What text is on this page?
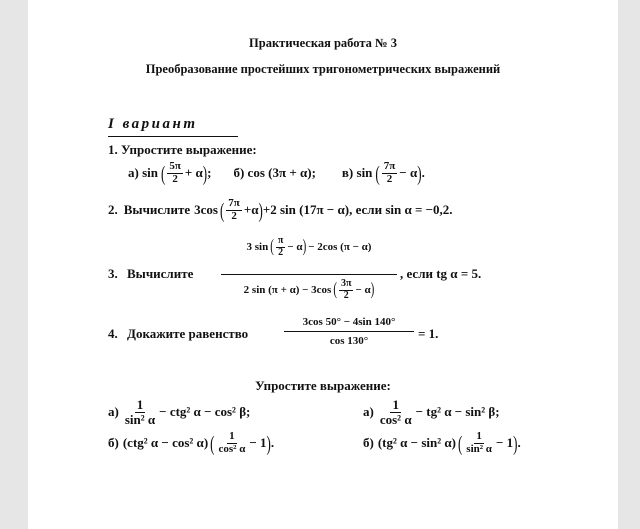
Практическая работа № 3
Преобразование простейших тригонометрических выражений
I вариант
1. Упростите выражение:
а) sin ( $\frac{5\pi}{2} + \alpha$ ) ; б) cos (3π + α); в) sin ( $\frac{7\pi}{2} - \alpha$ ) .
2. Вычислите 3cos ( $\frac{7\pi}{2} +\alpha$ ) +2 sin (17π − α), если sin α = −0,2.
3. Вычислите
3 sin ( $\frac{\pi}{2} - \alpha$ ) − 2cos (π − α)
2 sin (π + α) − 3cos ( $\frac{3\pi}{2} - \alpha$ )
, если tg α = 5.
4. Докажите равенство
3cos 50° − 4sin 140°
cos 130°	= 1.
Упростите выражение:
$а) \frac{1}{\text{sin² α}} - ctg^2$ α − cos² β;
б) (ctg² α − cos² α) ( $\frac{1}{\text{cos² α}} - 1$ ) .
$а) \frac{1}{\text{cos² α}} - tg^2$ α − sin² β;
б) (tg² α − sin² α) ( $\frac{1}{\text{sin² α}} - 1$ ) .
